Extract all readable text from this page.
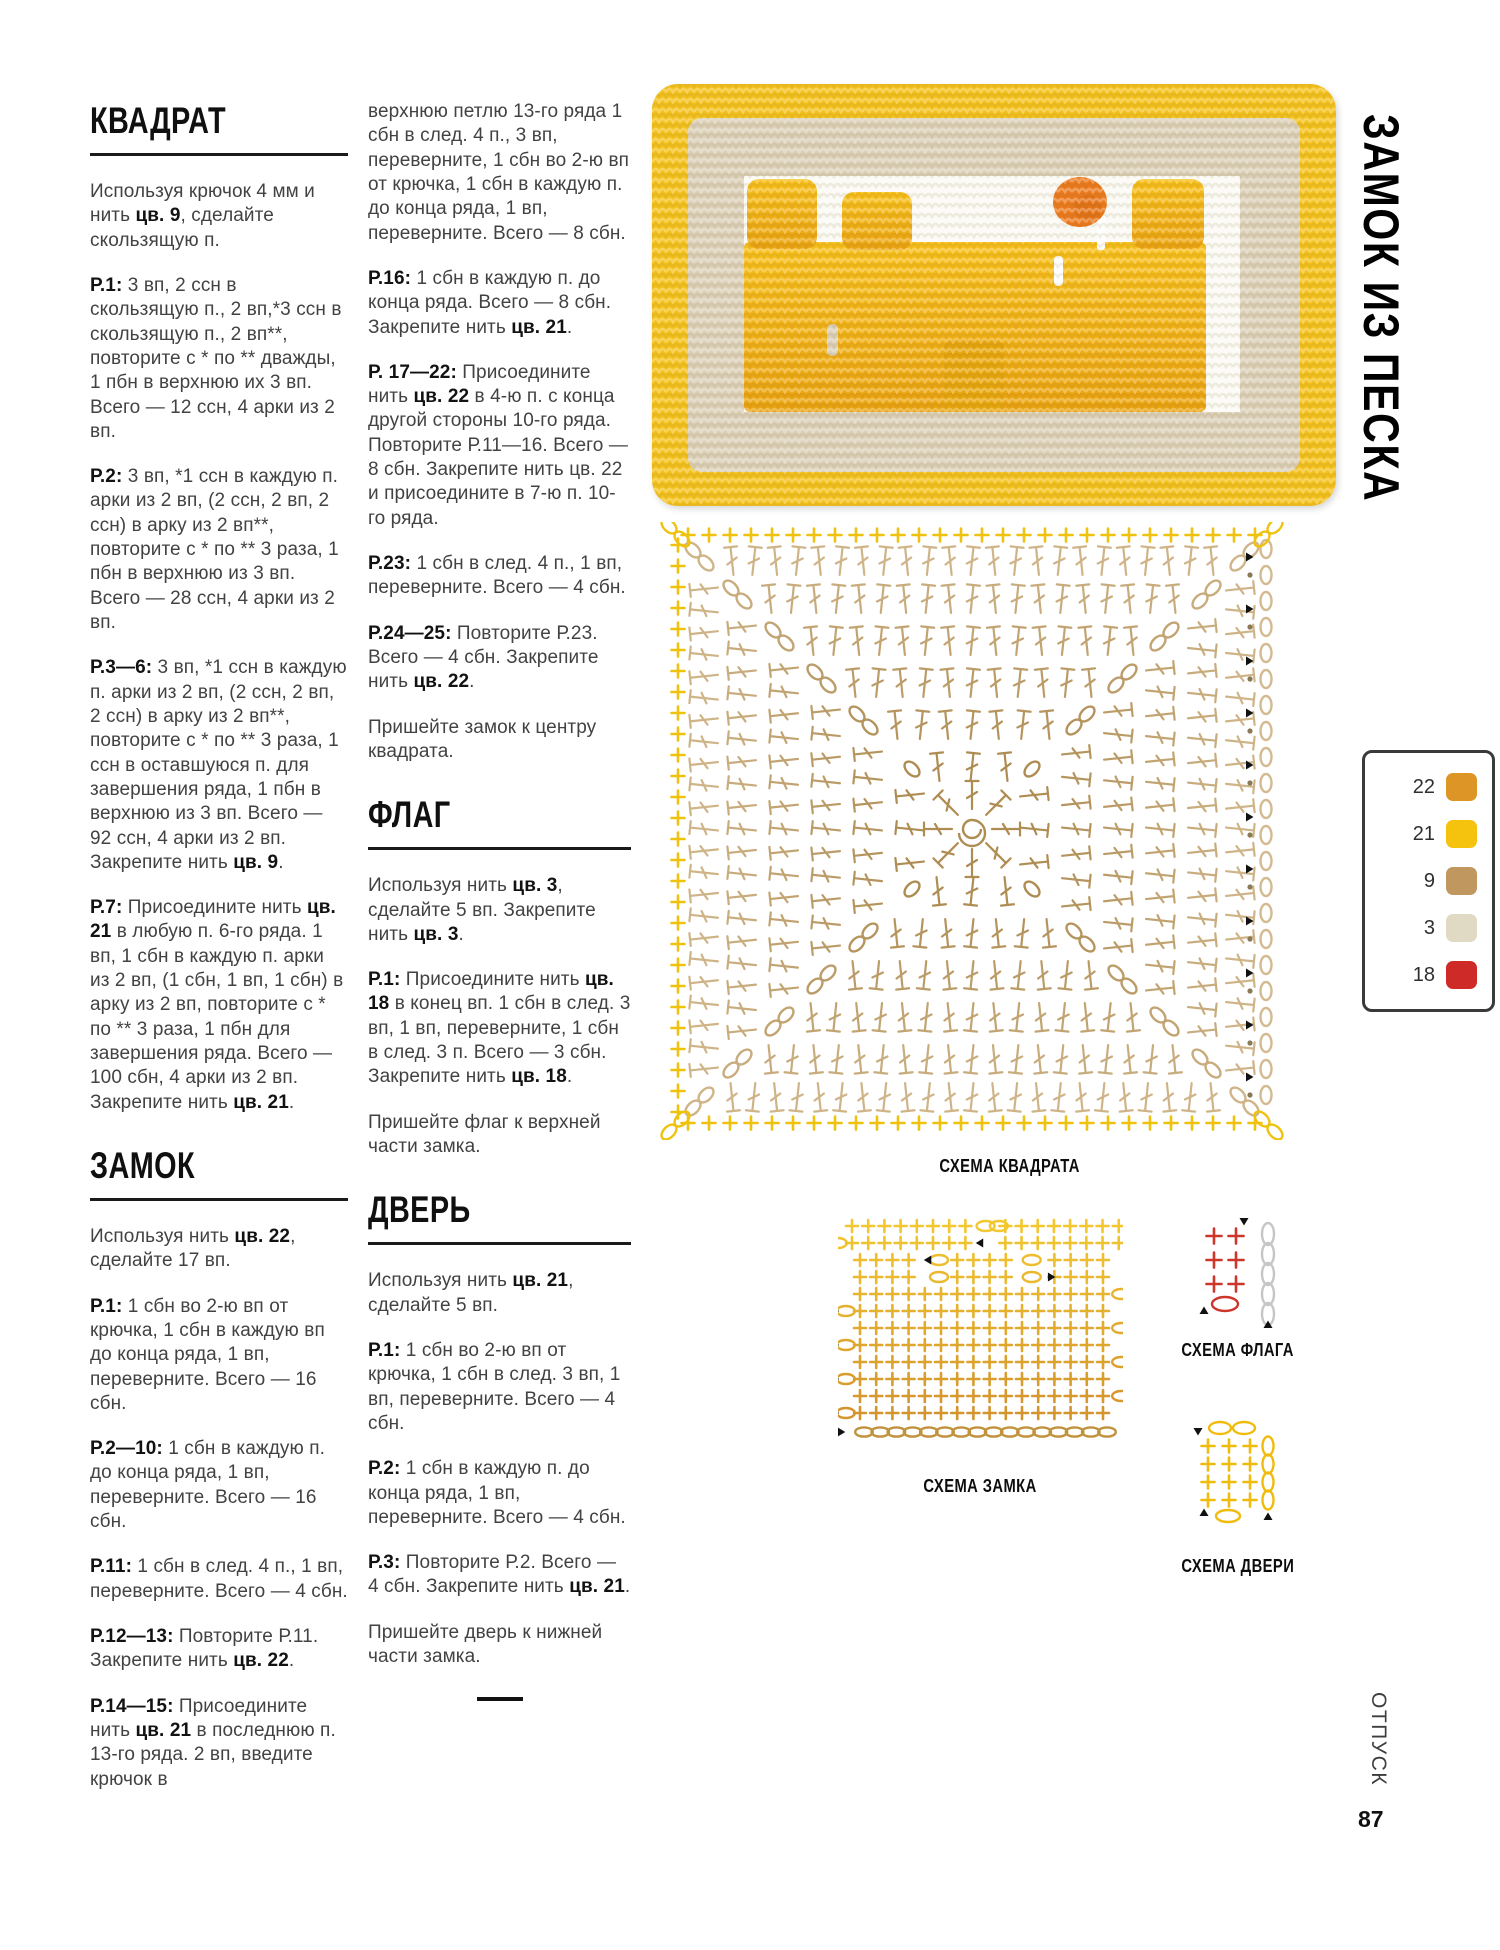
КВАДРАТ

Используя крючок 4 мм и нить цв. 9, сделайте скользящую п.

Р.1: 3 вп, 2 ссн в скользящую п., 2 вп,*3 ссн в скользящую п., 2 вп**, повторите с * по ** дважды, 1 пбн в верхнюю их 3 вп. Всего — 12 ссн, 4 арки из 2 вп.

Р.2: 3 вп, *1 ссн в каждую п. арки из 2 вп, (2 ссн, 2 вп, 2 ссн) в арку из 2 вп**, повторите с * по ** 3 раза, 1 пбн в верхнюю из 3 вп. Всего — 28 ссн, 4 арки из 2 вп.

Р.3—6: 3 вп, *1 ссн в каждую п. арки из 2 вп, (2 ссн, 2 вп, 2 ссн) в арку из 2 вп**, повторите с * по ** 3 раза, 1 ссн в оставшуюся п. для завершения ряда, 1 пбн в верхнюю из 3 вп. Всего — 92 ссн, 4 арки из 2 вп. Закрепите нить цв. 9.

Р.7: Присоедините нить цв. 21 в любую п. 6-го ряда. 1 вп, 1 сбн в каждую п. арки из 2 вп, (1 сбн, 1 вп, 1 сбн) в арку из 2 вп, повторите с * по ** 3 раза, 1 пбн для завершения ряда. Всего — 100 сбн, 4 арки из 2 вп. Закрепите нить цв. 21.

ЗАМОК

Используя нить цв. 22, сделайте 17 вп.

Р.1: 1 сбн во 2-ю вп от крючка, 1 сбн в каждую вп до конца ряда, 1 вп, переверните. Всего — 16 сбн.

Р.2—10: 1 сбн в каждую п. до конца ряда, 1 вп, переверните. Всего — 16 сбн.

Р.11: 1 сбн в след. 4 п., 1 вп, переверните. Всего — 4 сбн.

Р.12—13: Повторите Р.11. Закрепите нить цв. 22.

Р.14—15: Присоедините нить цв. 21 в последнюю п. 13-го ряда. 2 вп, введите крючок в

верхнюю петлю 13-го ряда 1 сбн в след. 4 п., 3 вп, переверните, 1 сбн во 2-ю вп от крючка, 1 сбн в каждую п. до конца ряда, 1 вп, переверните. Всего — 8 сбн.

Р.16: 1 сбн в каждую п. до конца ряда. Всего — 8 сбн. Закрепите нить цв. 21.

Р. 17—22: Присоедините нить цв. 22 в 4-ю п. с конца другой стороны 10-го ряда. Повторите Р.11—16. Всего — 8 сбн. Закрепите нить цв. 22 и присоедините в 7-ю п. 10-го ряда.

Р.23: 1 сбн в след. 4 п., 1 вп, переверните. Всего — 4 сбн.

Р.24—25: Повторите Р.23. Всего — 4 сбн. Закрепите нить цв. 22.

Пришейте замок к центру квадрата.

ФЛАГ

Используя нить цв. 3, сделайте 5 вп. Закрепите нить цв. 3.

Р.1: Присоедините нить цв. 18 в конец вп. 1 сбн в след. 3 вп, 1 вп, переверните, 1 сбн в след. 3 п. Всего — 3 сбн. Закрепите нить цв. 18.

Пришейте флаг к верхней части замка.

ДВЕРЬ

Используя нить цв. 21, сделайте 5 вп.

Р.1: 1 сбн во 2-ю вп от крючка, 1 сбн в след. 3 вп, 1 вп, переверните. Всего — 4 сбн.

Р.2: 1 сбн в каждую п. до конца ряда, 1 вп, переверните. Всего — 4 сбн.

Р.3: Повторите Р.2. Всего — 4 сбн. Закрепите нить цв. 21.

Пришейте дверь к нижней части замка.

ЗАМОК ИЗ ПЕСКА
СХЕМА КВАДРАТА
СХЕМА ЗАМКА
СХЕМА ФЛАГА
СХЕМА ДВЕРИ
22
21
9
3
18
ОТПУСК
87
